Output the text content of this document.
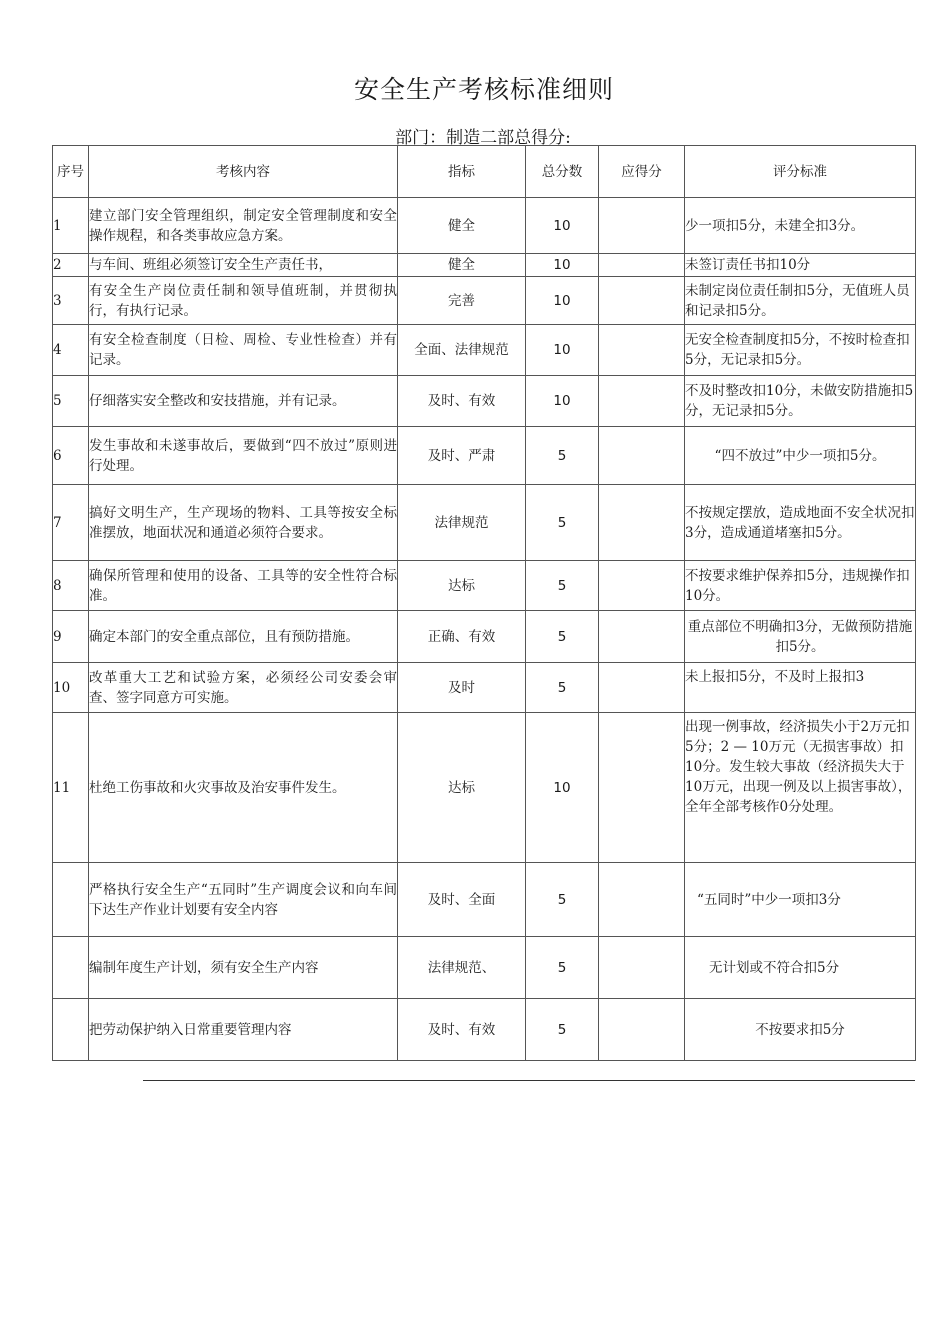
安全生产考核标准细则
部门：制造二部总得分:
序号	考核内容	指标	总分数	应得分	评分标准
1	建立部门安全管理组织，制定安全管理制度和安全操作规程，和各类事故应急方案。	健全	10		少一项扣5分，未建全扣3分。
2	与车间、班组必须签订安全生产责任书，	健全	10		未签订责任书扣10分
3	有安全生产岗位责任制和领导值班制，并贯彻执行，有执行记录。	完善	10		未制定岗位责任制扣5分，无值班人员和记录扣5分。
4	有安全检查制度（日检、周检、专业性检查）并有记录。	全面、法律规范	10		无安全检查制度扣5分，不按时检查扣5分，无记录扣5分。
5	仔细落实安全整改和安技措施，并有记录。	及时、有效	10		不及时整改扣10分，未做安防措施扣5分，无记录扣5分。
6	发生事故和未遂事故后，要做到“四不放过”原则进行处理。	及时、严肃	5		“四不放过”中少一项扣5分。
7	搞好文明生产，生产现场的物料、工具等按安全标准摆放，地面状况和通道必须符合要求。	法律规范	5		不按规定摆放，造成地面不安全状况扣3分，造成通道堵塞扣5分。
8	确保所管理和使用的设备、工具等的安全性符合标准。	达标	5		不按要求维护保养扣5分，违规操作扣10分。
9	确定本部门的安全重点部位，且有预防措施。	正确、有效	5		重点部位不明确扣3分，无做预防措施扣5分。
10	改革重大工艺和试验方案，必须经公司安委会审查、签字同意方可实施。	及时	5		未上报扣5分，不及时上报扣3
11	杜绝工伤事故和火灾事故及治安事件发生。	达标	10		出现一例事故，经济损失小于2万元扣5分；2 — 10万元（无损害事故）扣10分。发生较大事故（经济损失大于10万元，出现一例及以上损害事故），全年全部考核作0分处理。
	严格执行安全生产“五同时”生产调度会议和向车间下达生产作业计划要有安全内容	及时、全面	5		“五同时”中少一项扣3分
	编制年度生产计划，须有安全生产内容	法律规范、	5		无计划或不符合扣5分
	把劳动保护纳入日常重要管理内容	及时、有效	5		不按要求扣5分
